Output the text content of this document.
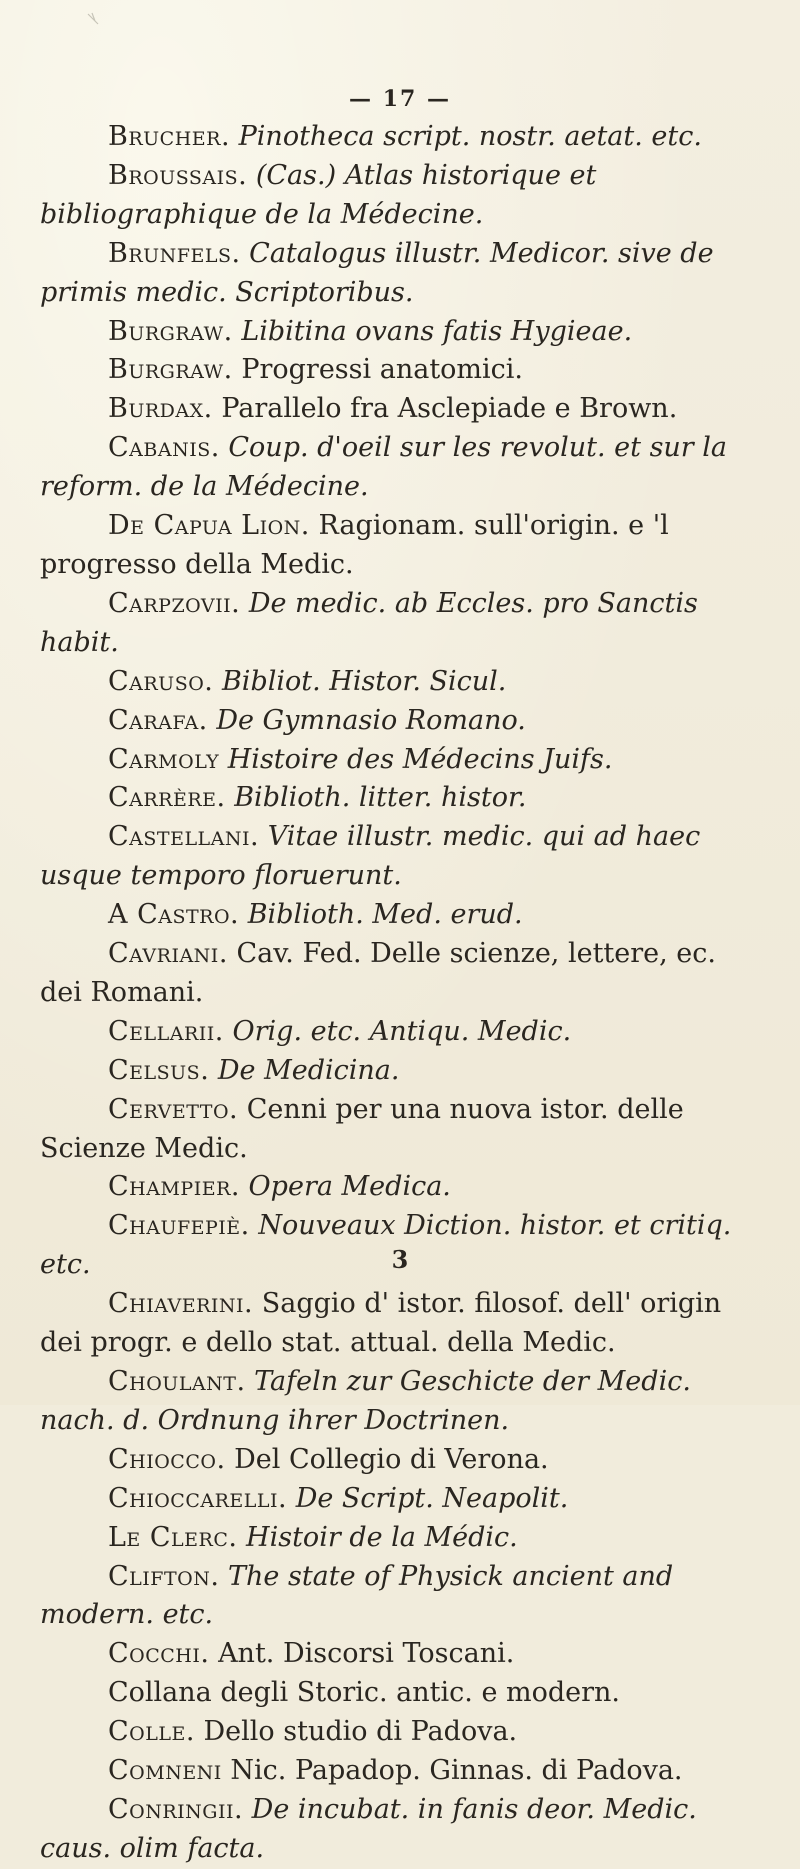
— 17 —
Brucher. Pinotheca script. nostr. aetat. etc.
Broussais. (Cas.) Atlas historique et bibliographique de la Médecine.
Brunfels. Catalogus illustr. Medicor. sive de primis medic. Scriptoribus.
Burgraw. Libitina ovans fatis Hygieae.
Burgraw. Progressi anatomici.
Burdax. Parallelo fra Asclepiade e Brown.
Cabanis. Coup. d'oeil sur les revolut. et sur la reform. de la Médecine.
De Capua Lion. Ragionam. sull'origin. e 'l progresso della Medic.
Carpzovii. De medic. ab Eccles. pro Sanctis habit.
Caruso. Bibliot. Histor. Sicul.
Carafa. De Gymnasio Romano.
Carmoly Histoire des Médecins Juifs.
Carrère. Biblioth. litter. histor.
Castellani. Vitae illustr. medic. qui ad haec usque temporo floruerunt.
A Castro. Biblioth. Med. erud.
Cavriani. Cav. Fed. Delle scienze, lettere, ec. dei Romani.
Cellarii. Orig. etc. Antiqu. Medic.
Celsus. De Medicina.
Cervetto. Cenni per una nuova istor. delle Scienze Medic.
Champier. Opera Medica.
Chaufepiè. Nouveaux Diction. histor. et critiq. etc.
Chiaverini. Saggio d' istor. filosof. dell' origin dei progr. e dello stat. attual. della Medic.
Choulant. Tafeln zur Geschicte der Medic. nach. d. Ordnung ihrer Doctrinen.
Chiocco. Del Collegio di Verona.
Chioccarelli. De Script. Neapolit.
Le Clerc. Histoir de la Médic.
Clifton. The state of Physick ancient and modern. etc.
Cocchi. Ant. Discorsi Toscani.
Collana degli Storic. antic. e modern.
Colle. Dello studio di Padova.
Comneni Nic. Papadop. Ginnas. di Padova.
Conringii. De incubat. in fanis deor. Medic. caus. olim facta.
3
